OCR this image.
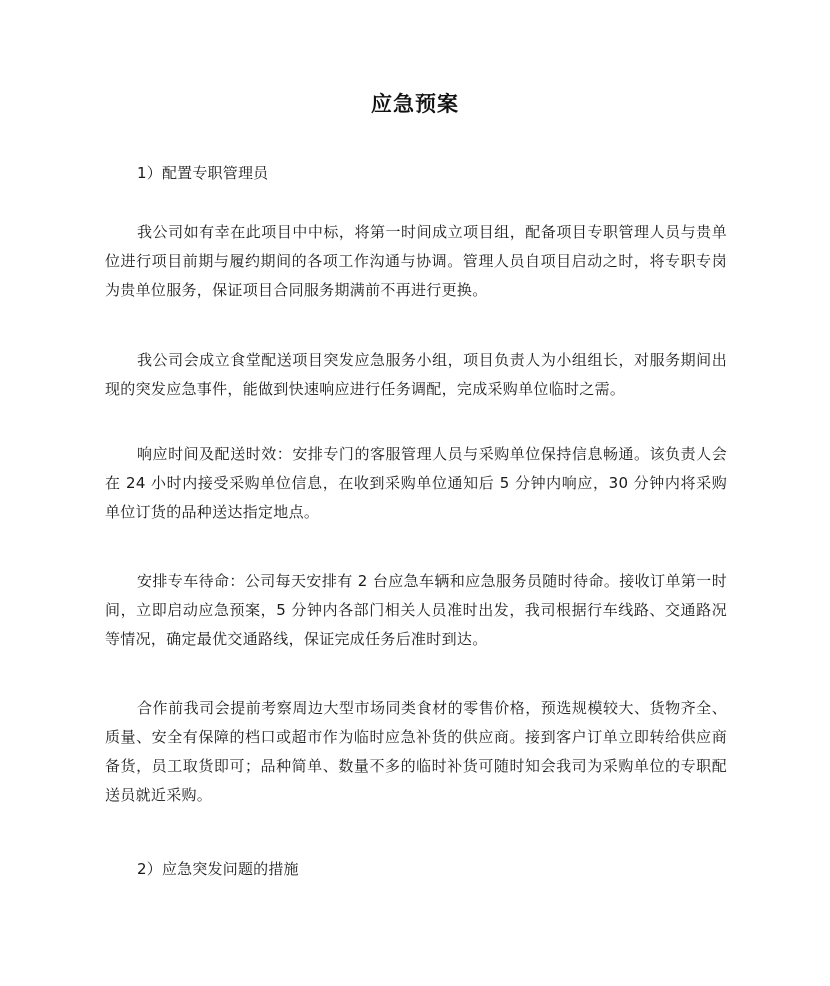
应急预案
1）配置专职管理员
我公司如有幸在此项目中中标，将第一时间成立项目组，配备项目专职管理人员与贵单位进行项目前期与履约期间的各项工作沟通与协调。管理人员自项目启动之时，将专职专岗为贵单位服务，保证项目合同服务期满前不再进行更换。
我公司会成立食堂配送项目突发应急服务小组，项目负责人为小组组长，对服务期间出现的突发应急事件，能做到快速响应进行任务调配，完成采购单位临时之需。
响应时间及配送时效：安排专门的客服管理人员与采购单位保持信息畅通。该负责人会在 24 小时内接受采购单位信息，在收到采购单位通知后 5 分钟内响应，30 分钟内将采购单位订货的品种送达指定地点。
安排专车待命：公司每天安排有 2 台应急车辆和应急服务员随时待命。接收订单第一时间，立即启动应急预案，5 分钟内各部门相关人员准时出发，我司根据行车线路、交通路况等情况，确定最优交通路线，保证完成任务后准时到达。
合作前我司会提前考察周边大型市场同类食材的零售价格，预选规模较大、货物齐全、质量、安全有保障的档口或超市作为临时应急补货的供应商。接到客户订单立即转给供应商备货，员工取货即可；品种简单、数量不多的临时补货可随时知会我司为采购单位的专职配送员就近采购。
2）应急突发问题的措施
